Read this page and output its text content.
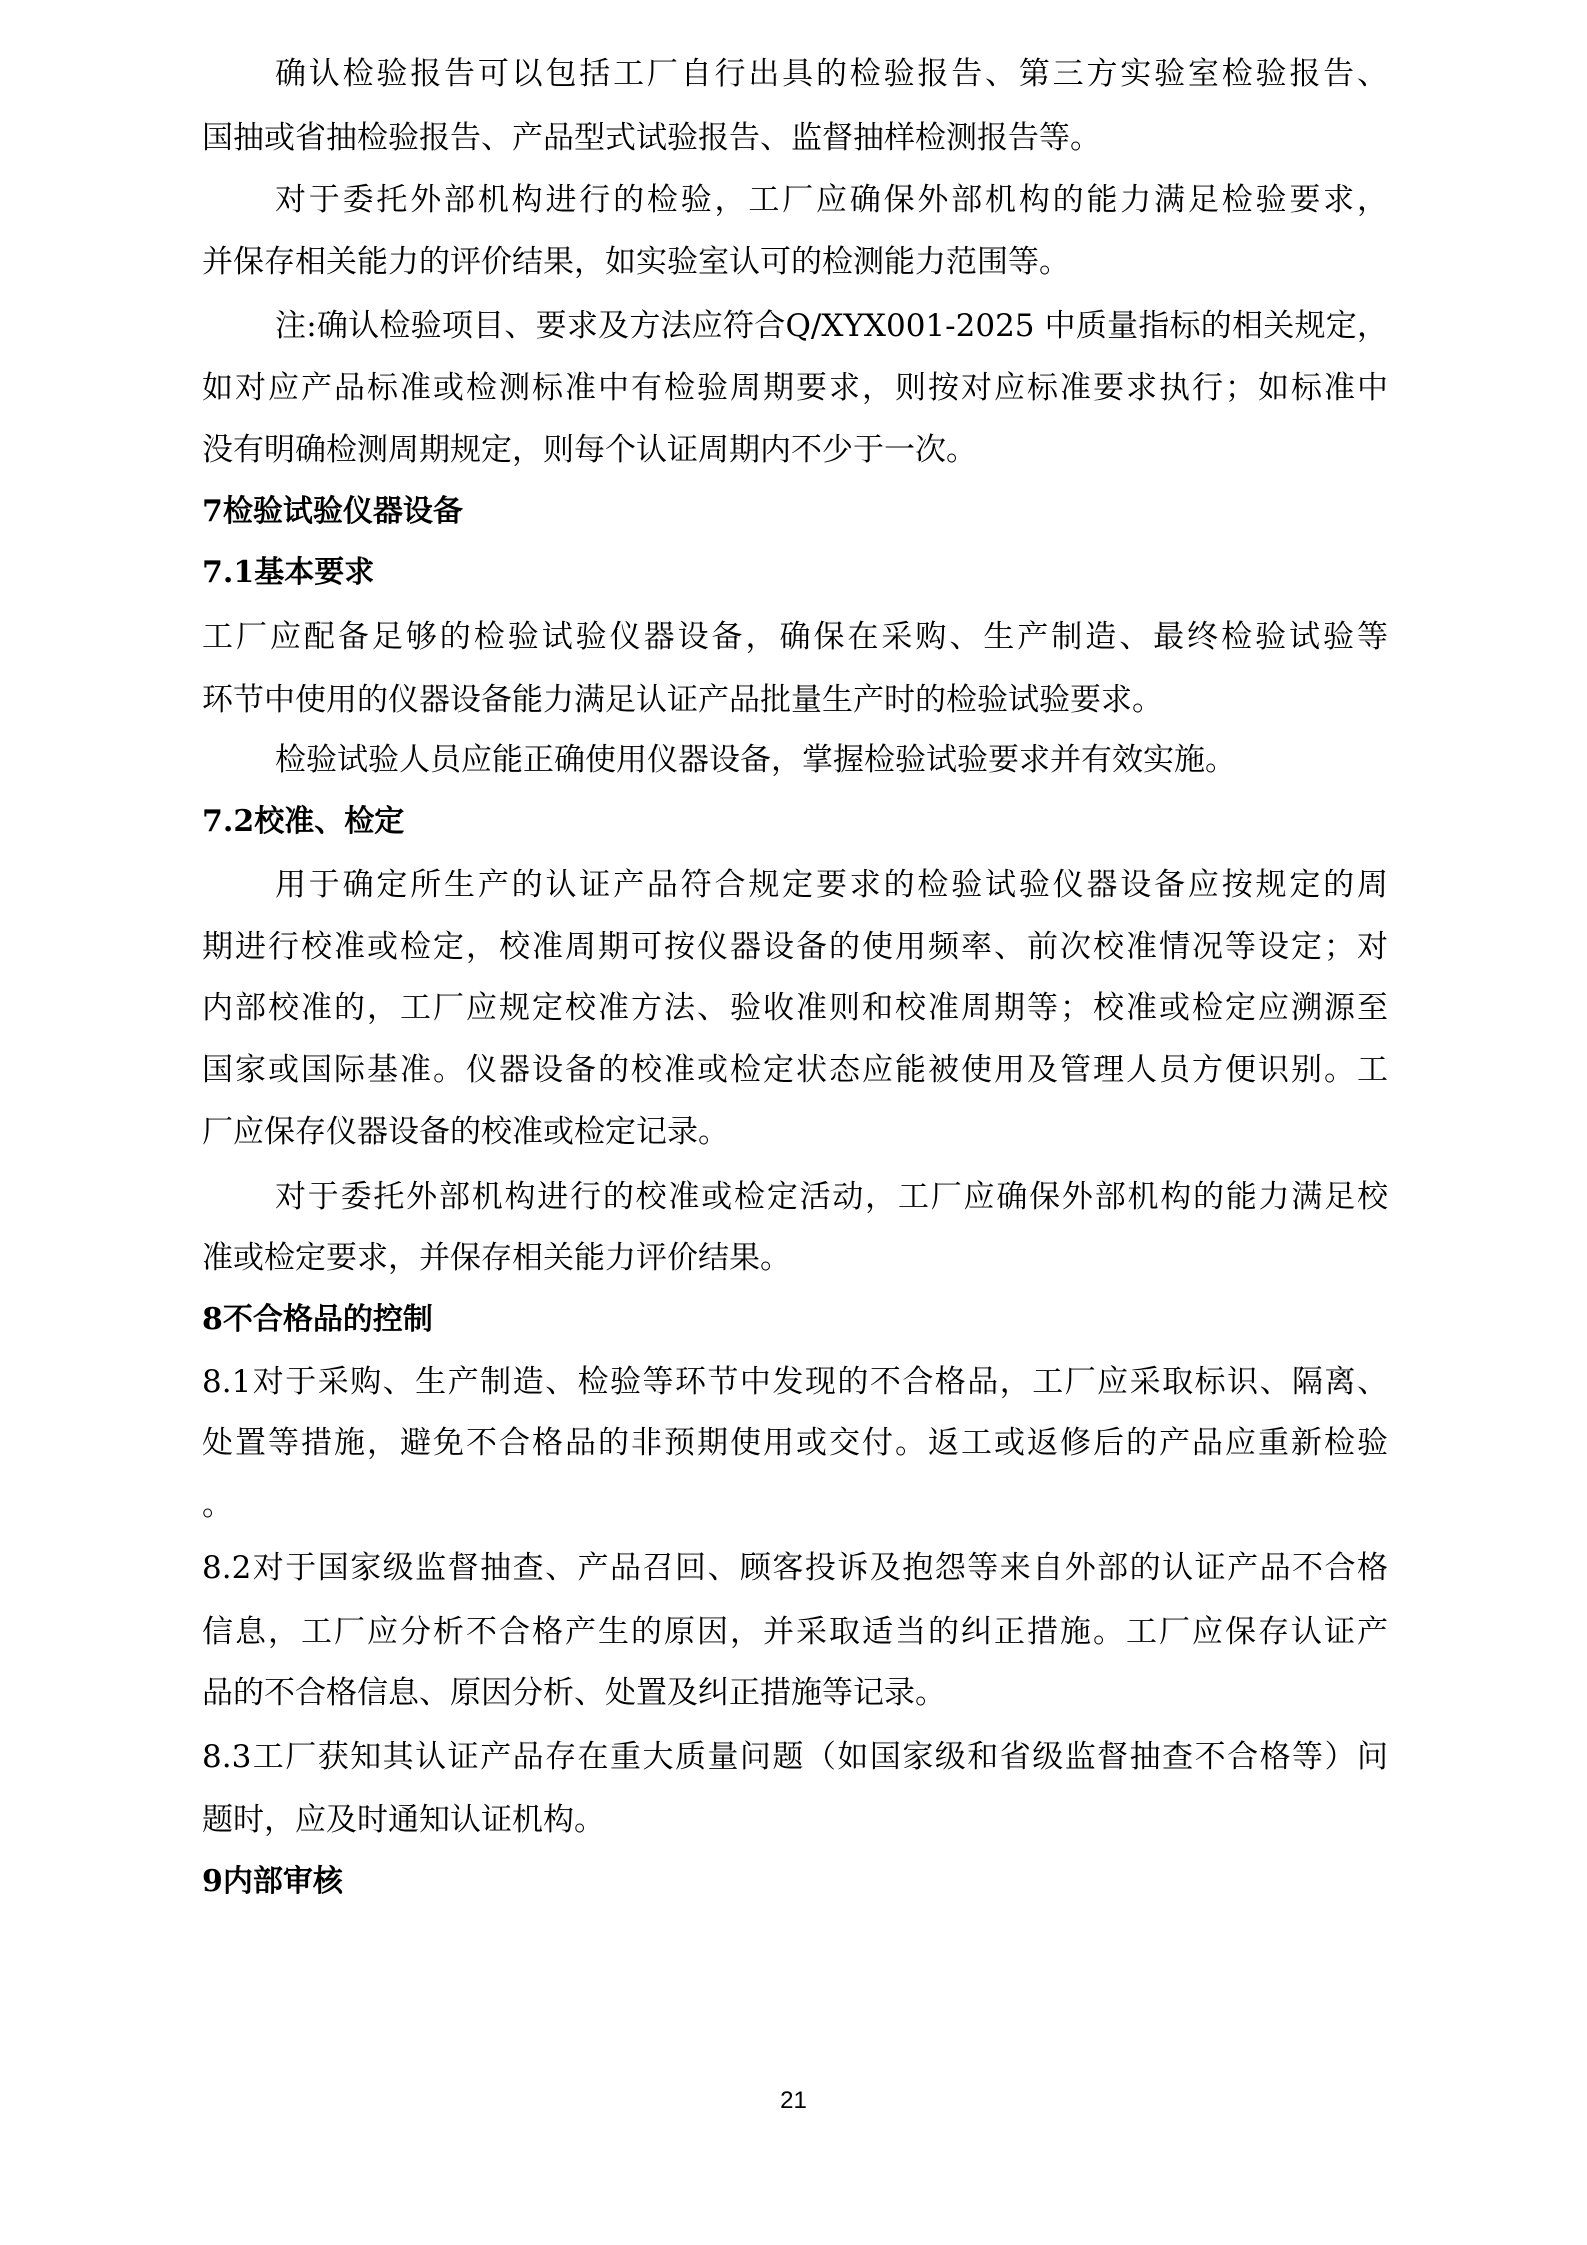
确认检验报告可以包括工厂自行出具的检验报告、第三方实验室检验报告、
国抽或省抽检验报告、产品型式试验报告、监督抽样检测报告等。
对于委托外部机构进行的检验，工厂应确保外部机构的能力满足检验要求，
并保存相关能力的评价结果，如实验室认可的检测能力范围等。
注:确认检验项目、要求及方法应符合Q/XYX001-2025 中质量指标的相关规定，
如对应产品标准或检测标准中有检验周期要求，则按对应标准要求执行；如标准中
没有明确检测周期规定，则每个认证周期内不少于一次。
7检验试验仪器设备
7.1基本要求
工厂应配备足够的检验试验仪器设备，确保在采购、生产制造、最终检验试验等
环节中使用的仪器设备能力满足认证产品批量生产时的检验试验要求。
检验试验人员应能正确使用仪器设备，掌握检验试验要求并有效实施。
7.2校准、检定
用于确定所生产的认证产品符合规定要求的检验试验仪器设备应按规定的周
期进行校准或检定，校准周期可按仪器设备的使用频率、前次校准情况等设定；对
内部校准的，工厂应规定校准方法、验收准则和校准周期等；校准或检定应溯源至
国家或国际基准。仪器设备的校准或检定状态应能被使用及管理人员方便识别。工
厂应保存仪器设备的校准或检定记录。
对于委托外部机构进行的校准或检定活动，工厂应确保外部机构的能力满足校
准或检定要求，并保存相关能力评价结果。
8不合格品的控制
8.1对于采购、生产制造、检验等环节中发现的不合格品，工厂应采取标识、隔离、
处置等措施，避免不合格品的非预期使用或交付。返工或返修后的产品应重新检验
。
8.2对于国家级监督抽查、产品召回、顾客投诉及抱怨等来自外部的认证产品不合格
信息，工厂应分析不合格产生的原因，并采取适当的纠正措施。工厂应保存认证产
品的不合格信息、原因分析、处置及纠正措施等记录。
8.3工厂获知其认证产品存在重大质量问题（如国家级和省级监督抽查不合格等）问
题时，应及时通知认证机构。
9内部审核
21
